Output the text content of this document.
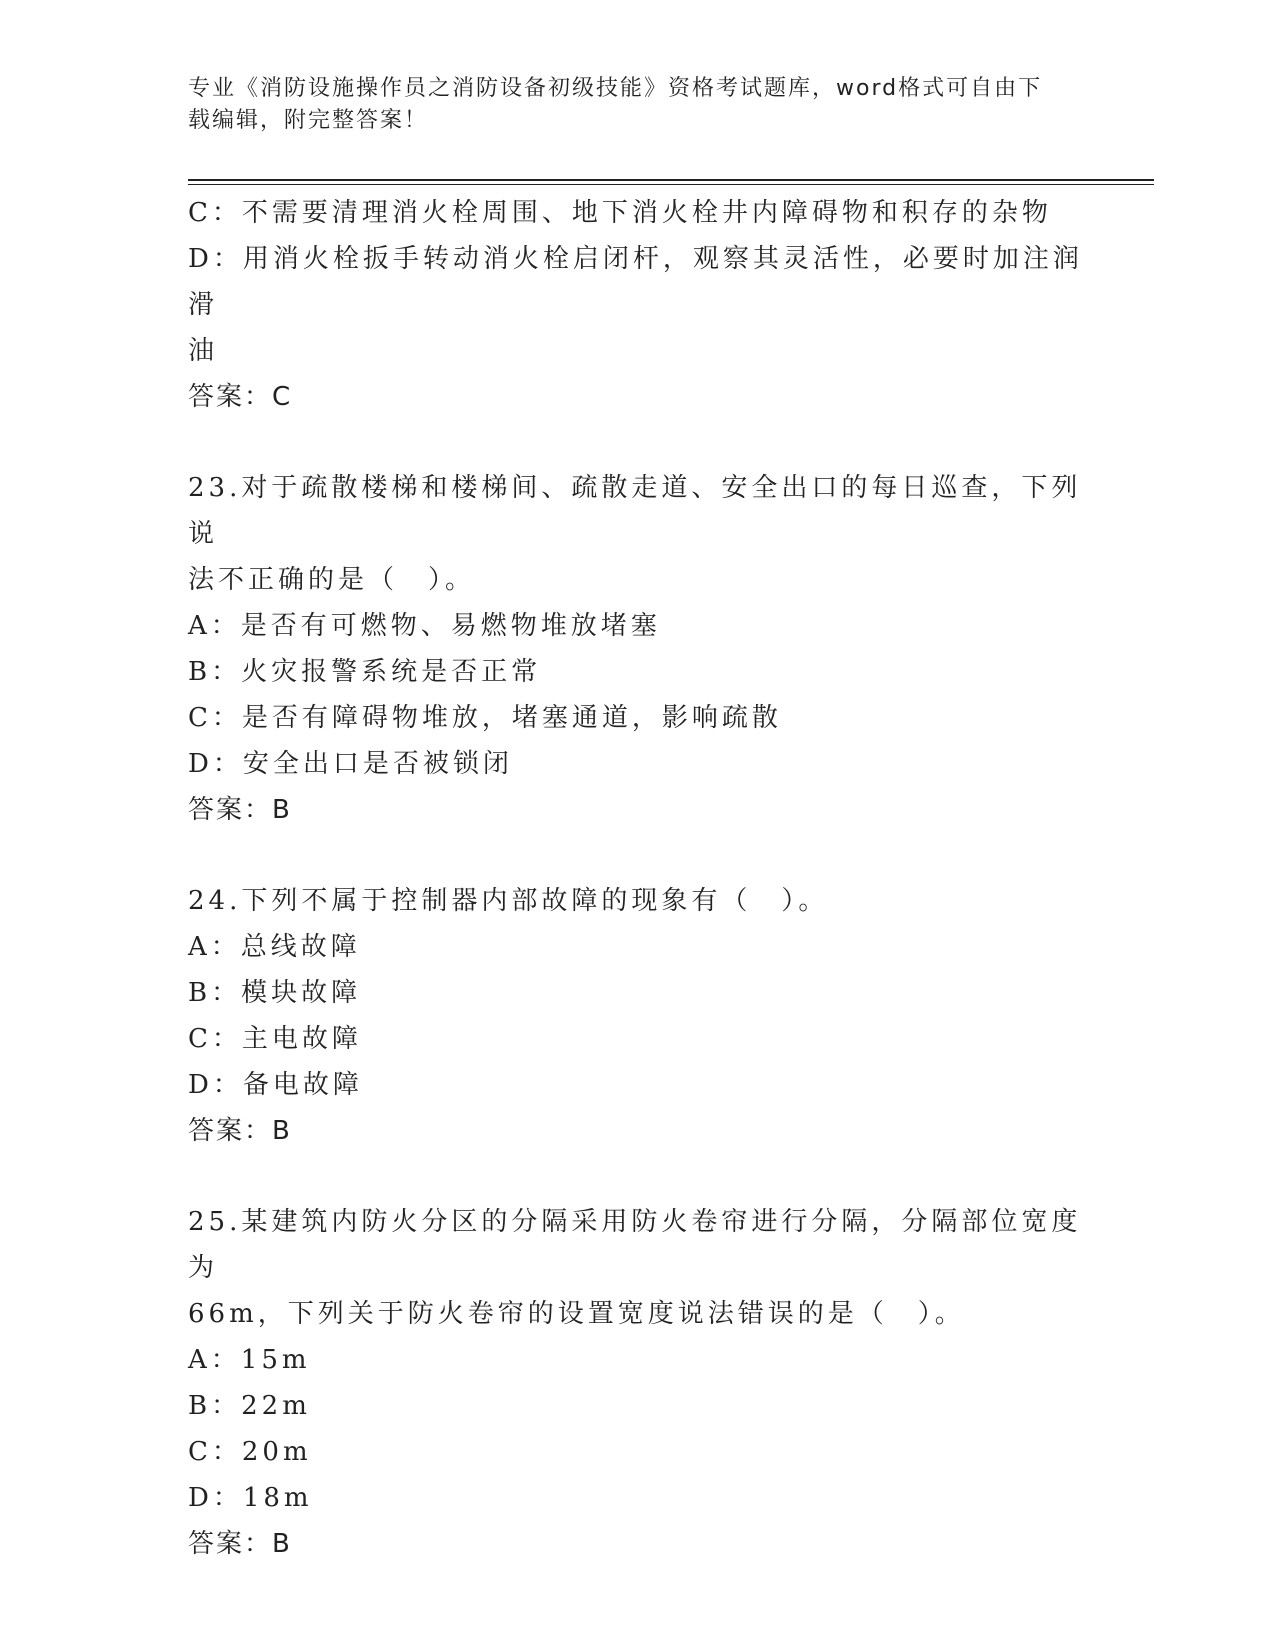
专业《消防设施操作员之消防设备初级技能》资格考试题库，word格式可自由下
载编辑，附完整答案！
C：不需要清理消火栓周围、地下消火栓井内障碍物和积存的杂物
D：用消火栓扳手转动消火栓启闭杆，观察其灵活性，必要时加注润滑
油
答案：C
23.对于疏散楼梯和楼梯间、疏散走道、安全出口的每日巡查，下列说
法不正确的是（　）。
A：是否有可燃物、易燃物堆放堵塞
B：火灾报警系统是否正常
C：是否有障碍物堆放，堵塞通道，影响疏散
D：安全出口是否被锁闭
答案：B
24.下列不属于控制器内部故障的现象有（　）。
A：总线故障
B：模块故障
C：主电故障
D：备电故障
答案：B
25.某建筑内防火分区的分隔采用防火卷帘进行分隔，分隔部位宽度为
66m，下列关于防火卷帘的设置宽度说法错误的是（　）。
A：15m
B：22m
C：20m
D：18m
答案：B
